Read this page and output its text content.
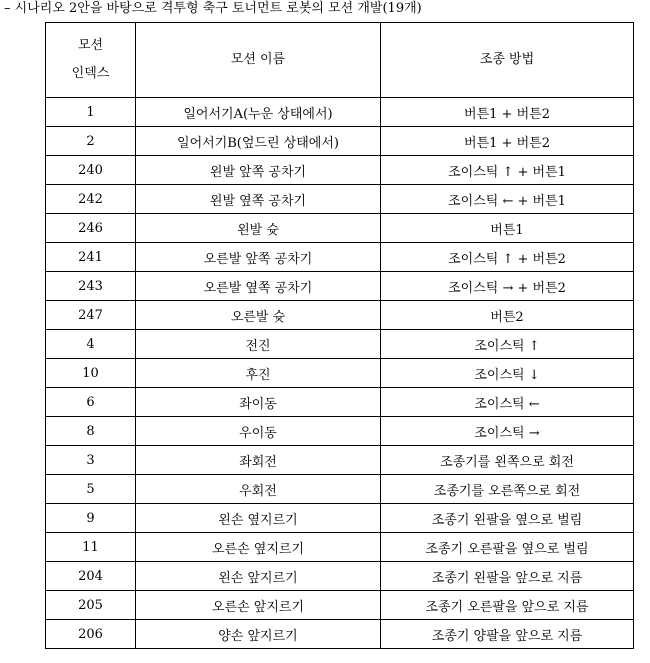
– 시나리오 2안을 바탕으로 격투형 축구 토너먼트 로봇의 모션 개발(19개)
모션
인덱스	모션 이름	조종 방법
1	일어서기A(누운 상태에서)	버튼1 + 버튼2
2	일어서기B(엎드린 상태에서)	버튼1 + 버튼2
240	왼발 앞쪽 공차기	조이스틱 ↑ + 버튼1
242	왼발 옆쪽 공차기	조이스틱 ← + 버튼1
246	왼발 슛	버튼1
241	오른발 앞쪽 공차기	조이스틱 ↑ + 버튼2
243	오른발 옆쪽 공차기	조이스틱 → + 버튼2
247	오른발 슛	버튼2
4	전진	조이스틱 ↑
10	후진	조이스틱 ↓
6	좌이동	조이스틱 ←
8	우이동	조이스틱 →
3	좌회전	조종기를 왼쪽으로 회전
5	우회전	조종기를 오른쪽으로 회전
9	왼손 옆지르기	조종기 왼팔을 옆으로 벌림
11	오른손 옆지르기	조종기 오른팔을 옆으로 벌림
204	왼손 앞지르기	조종기 왼팔을 앞으로 지름
205	오른손 앞지르기	조종기 오른팔을 앞으로 지름
206	양손 앞지르기	조종기 양팔을 앞으로 지름
